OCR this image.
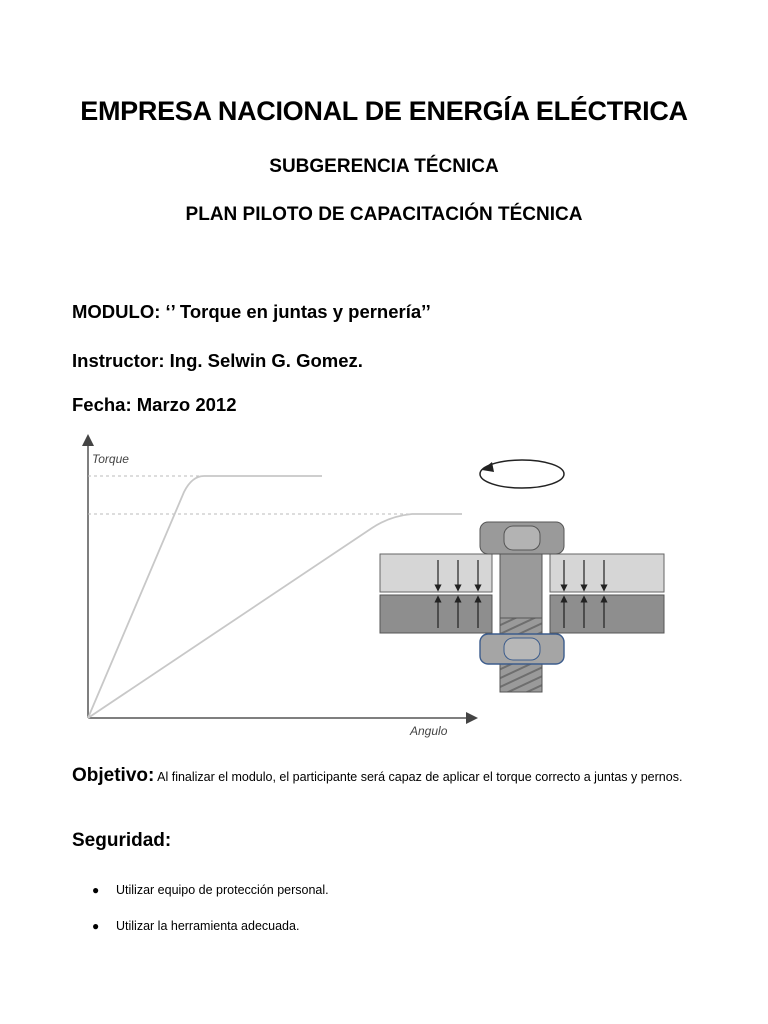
EMPRESA NACIONAL DE ENERGÍA ELÉCTRICA
SUBGERENCIA TÉCNICA
PLAN PILOTO DE CAPACITACIÓN TÉCNICA
MODULO: ‘’ Torque en juntas y pernería’’
Instructor: Ing. Selwin G. Gomez.
Fecha: Marzo 2012
Torque
Angulo
Objetivo: Al finalizar el modulo, el participante será capaz de aplicar el torque correcto a juntas y pernos.
Seguridad:
●	Utilizar equipo de protección personal.
●	Utilizar la herramienta adecuada.
